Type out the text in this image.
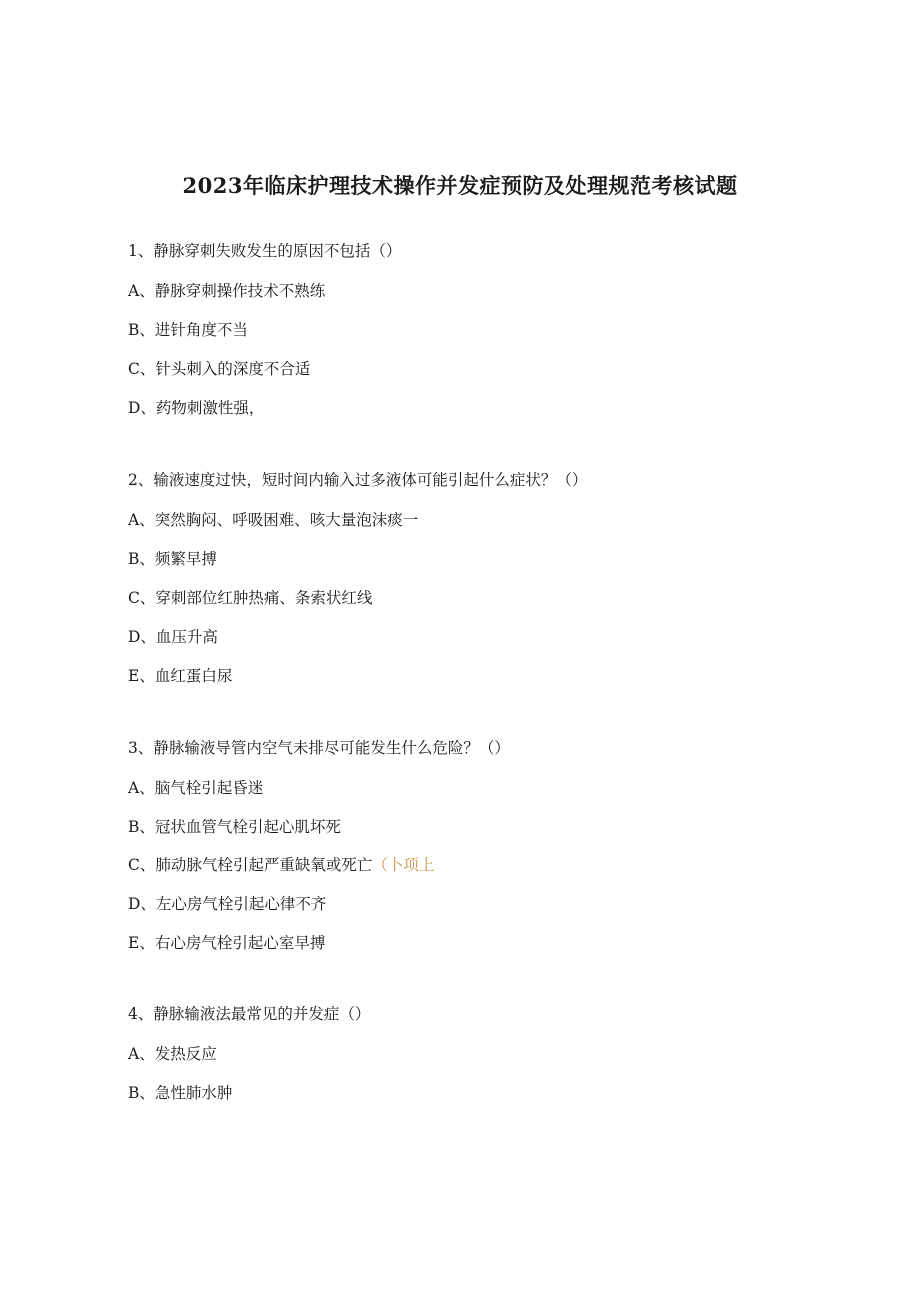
2023年临床护理技术操作并发症预防及处理规范考核试题
1、静脉穿刺失败发生的原因不包括（）
A、静脉穿刺操作技术不熟练
B、进针角度不当
C、针头刺入的深度不合适
D、药物刺激性强，
2、输液速度过快，短时间内输入过多液体可能引起什么症状？（）
A、突然胸闷、呼吸困难、咳大量泡沫痰一
B、频繁早搏
C、穿刺部位红肿热痛、条索状红线
D、血压升高
E、血红蛋白尿
3、静脉输液导管内空气未排尽可能发生什么危险？（）
A、脑气栓引起昏迷
B、冠状血管气栓引起心肌坏死
C、肺动脉气栓引起严重缺氧或死亡（卜项上
D、左心房气栓引起心律不齐
E、右心房气栓引起心室早搏
4、静脉输液法最常见的并发症（）
A、发热反应
B、急性肺水肿
